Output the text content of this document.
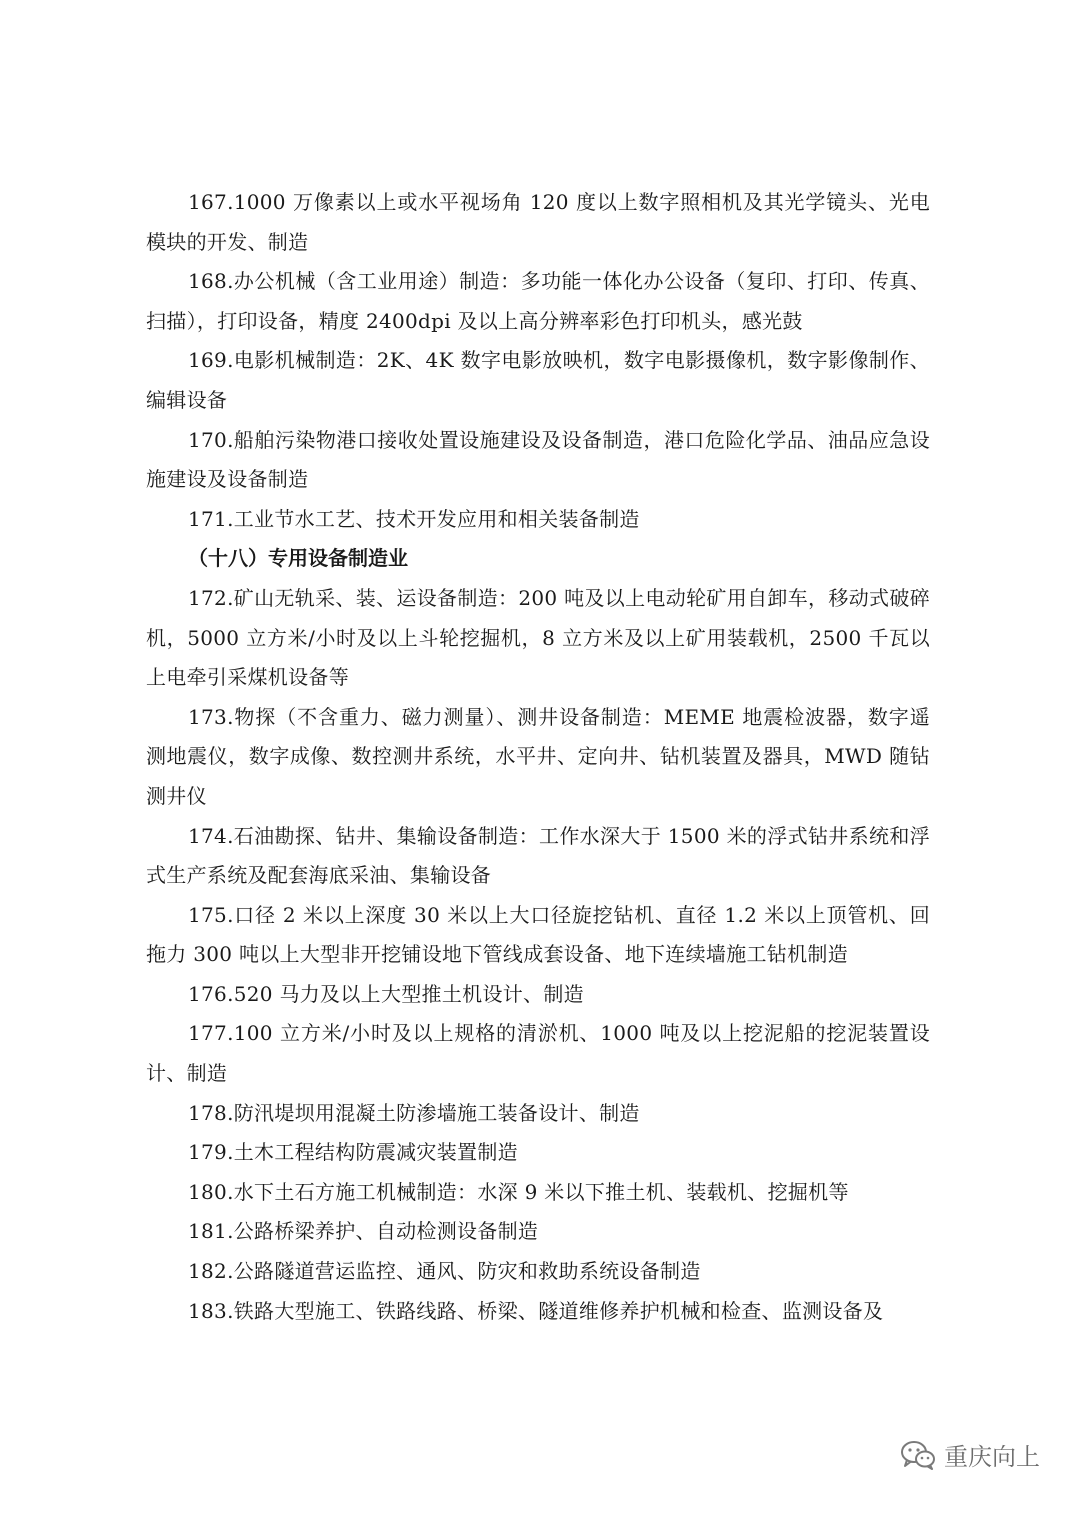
167.1000 万像素以上或水平视场角 120 度以上数字照相机及其光学镜头、光电模块的开发、制造

168.办公机械（含工业用途）制造：多功能一体化办公设备（复印、打印、传真、扫描），打印设备，精度 2400dpi 及以上高分辨率彩色打印机头，感光鼓

169.电影机械制造：2K、4K 数字电影放映机，数字电影摄像机，数字影像制作、编辑设备

170.船舶污染物港口接收处置设施建设及设备制造，港口危险化学品、油品应急设施建设及设备制造

171.工业节水工艺、技术开发应用和相关装备制造

（十八）专用设备制造业

172.矿山无轨采、装、运设备制造：200 吨及以上电动轮矿用自卸车，移动式破碎机，5000 立方米/小时及以上斗轮挖掘机，8 立方米及以上矿用装载机，2500 千瓦以上电牵引采煤机设备等

173.物探（不含重力、磁力测量）、测井设备制造：MEME 地震检波器，数字遥测地震仪，数字成像、数控测井系统，水平井、定向井、钻机装置及器具，MWD 随钻测井仪

174.石油勘探、钻井、集输设备制造：工作水深大于 1500 米的浮式钻井系统和浮式生产系统及配套海底采油、集输设备

175.口径 2 米以上深度 30 米以上大口径旋挖钻机、直径 1.2 米以上顶管机、回拖力 300 吨以上大型非开挖铺设地下管线成套设备、地下连续墙施工钻机制造

176.520 马力及以上大型推土机设计、制造

177.100 立方米/小时及以上规格的清淤机、1000 吨及以上挖泥船的挖泥装置设计、制造

178.防汛堤坝用混凝土防渗墙施工装备设计、制造

179.土木工程结构防震减灾装置制造

180.水下土石方施工机械制造：水深 9 米以下推土机、装载机、挖掘机等

181.公路桥梁养护、自动检测设备制造

182.公路隧道营运监控、通风、防灾和救助系统设备制造

183.铁路大型施工、铁路线路、桥梁、隧道维修养护机械和检查、监测设备及

重庆向上
